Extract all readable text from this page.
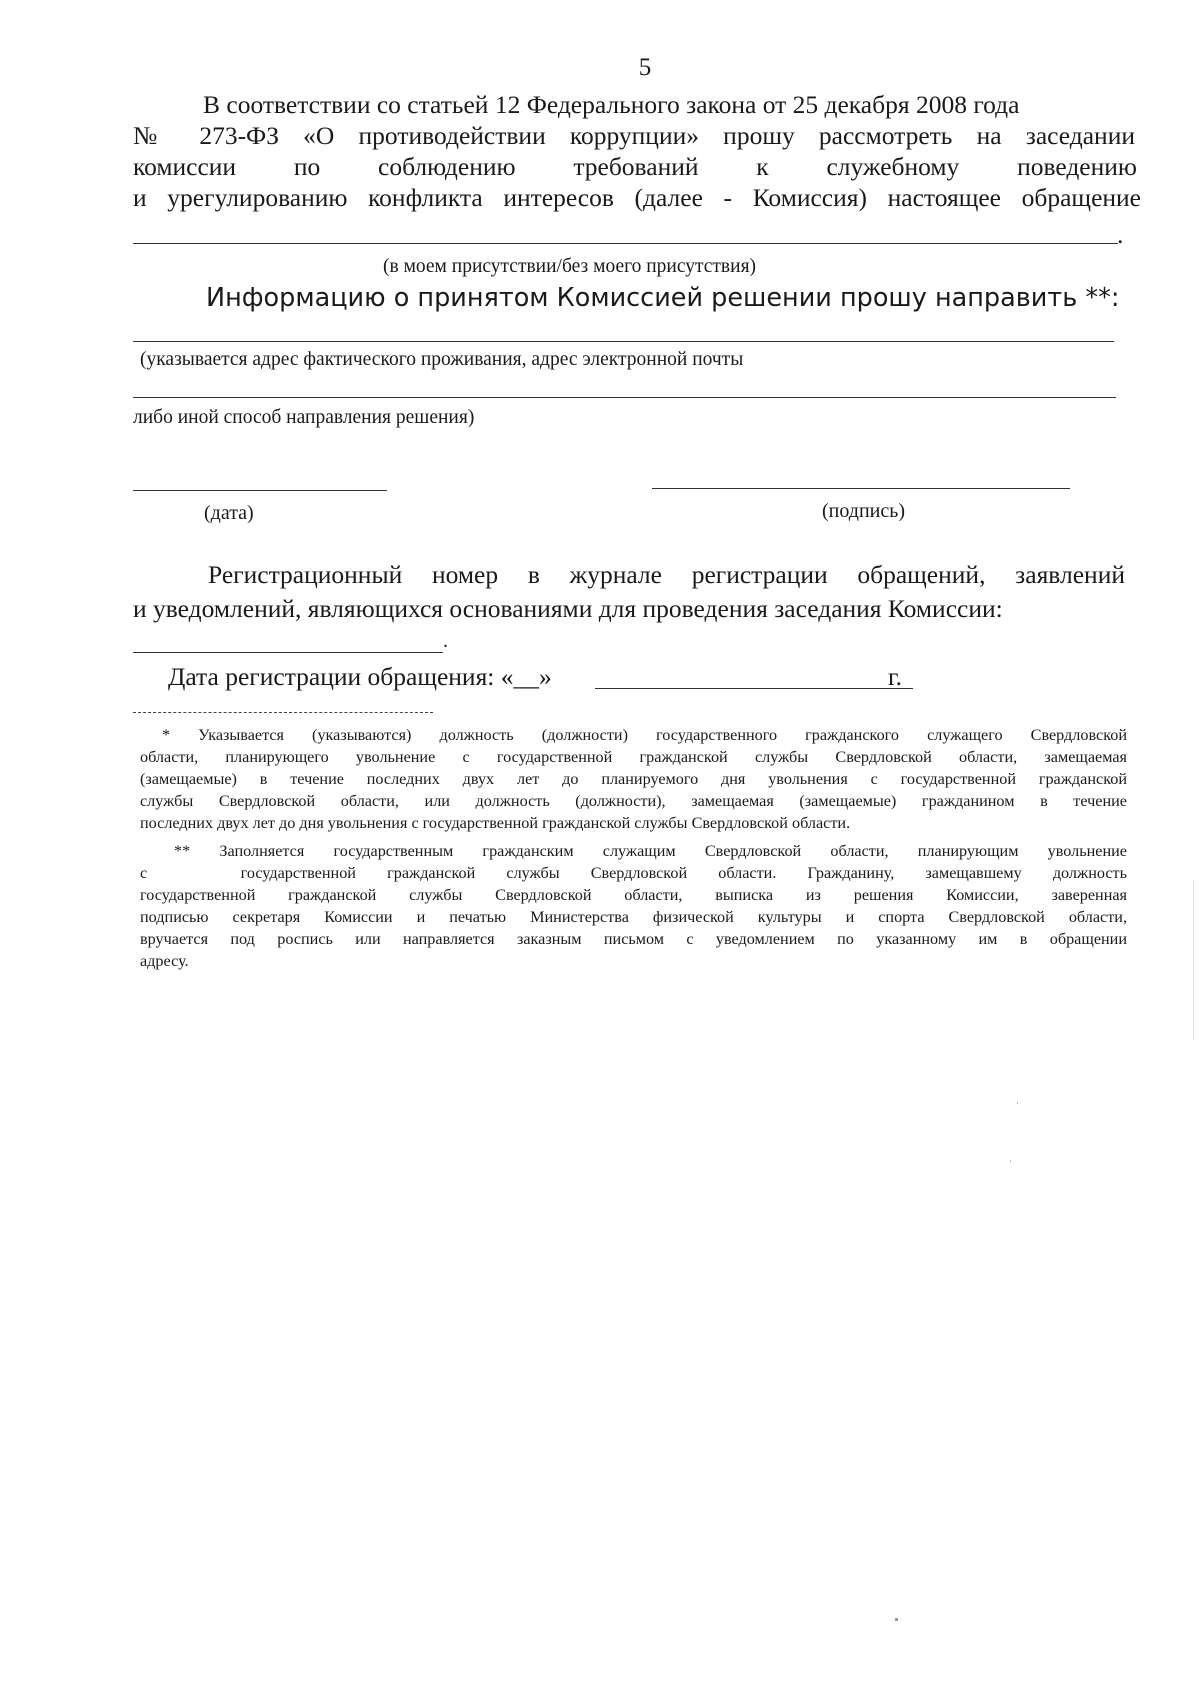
5
В соответствии со статьей 12 Федерального закона от 25 декабря 2008 года
№ 273-ФЗ «О противодействии коррупции» прошу рассмотреть на заседании
комиссии по соблюдению требований к служебному поведению
и урегулированию конфликта интересов (далее - Комиссия) настоящее обращение
.
(в моем присутствии/без моего присутствия)
Информацию о принятом Комиссией решении прошу направить **:
(указывается адрес фактического проживания, адрес электронной почты
либо иной способ направления решения)
(дата)	(подпись)
Регистрационный номер в журнале регистрации обращений, заявлений
и уведомлений, являющихся основаниями для проведения заседания Комиссии:
.
Дата регистрации обращения: «__»	г.
* Указывается (указываются) должность (должности) государственного гражданского служащего Свердловской
области, планирующего увольнение с государственной гражданской службы Свердловской области, замещаемая
(замещаемые) в течение последних двух лет до планируемого дня увольнения с государственной гражданской
службы Свердловской области, или должность (должности), замещаемая (замещаемые) гражданином в течение
последних двух лет до дня увольнения с государственной гражданской службы Свердловской области.
** Заполняется государственным гражданским служащим Свердловской области, планирующим увольнение
с   государственной гражданской службы Свердловской области. Гражданину, замещавшему должность
государственной гражданской службы Свердловской области, выписка из решения Комиссии, заверенная
подписью секретаря Комиссии и печатью Министерства физической культуры и спорта Свердловской области,
вручается под роспись или направляется заказным письмом с уведомлением по указанному им в обращении
адресу.
